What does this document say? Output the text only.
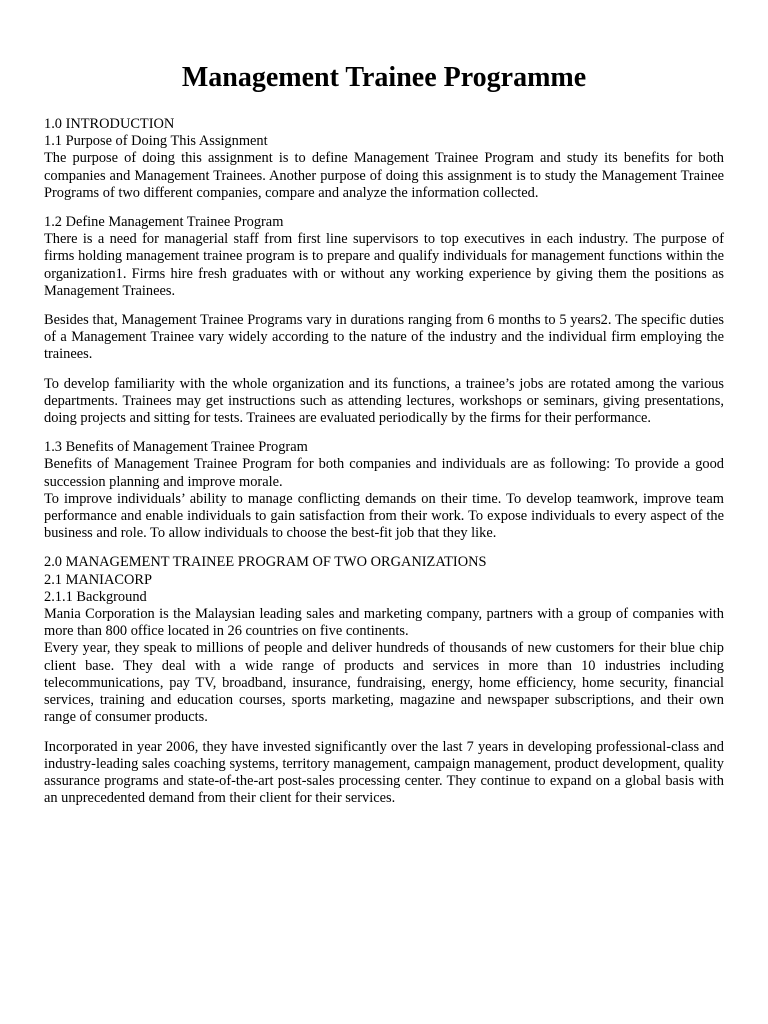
Management Trainee Programme

1.0 INTRODUCTION

1.1 Purpose of Doing This Assignment

The purpose of doing this assignment is to define Management Trainee Program and study its benefits for both companies and Management Trainees. Another purpose of doing this assignment is to study the Management Trainee Programs of two different companies, compare and analyze the information collected.

1.2 Define Management Trainee Program

There is a need for managerial staff from first line supervisors to top executives in each industry. The purpose of firms holding management trainee program is to prepare and qualify individuals for management functions within the organization1. Firms hire fresh graduates with or without any working experience by giving them the positions as Management Trainees.

Besides that, Management Trainee Programs vary in durations ranging from 6 months to 5 years2. The specific duties of a Management Trainee vary widely according to the nature of the industry and the individual firm employing the trainees.

To develop familiarity with the whole organization and its functions, a trainee’s jobs are rotated among the various departments. Trainees may get instructions such as attending lectures, workshops or seminars, giving presentations, doing projects and sitting for tests. Trainees are evaluated periodically by the firms for their performance.

1.3 Benefits of Management Trainee Program

Benefits of Management Trainee Program for both companies and individuals are as following: To provide a good succession planning and improve morale.

To improve individuals’ ability to manage conflicting demands on their time. To develop teamwork, improve team performance and enable individuals to gain satisfaction from their work. To expose individuals to every aspect of the business and role. To allow individuals to choose the best-fit job that they like.

2.0 MANAGEMENT TRAINEE PROGRAM OF TWO ORGANIZATIONS

2.1 MANIACORP

2.1.1 Background

Mania Corporation is the Malaysian leading sales and marketing company, partners with a group of companies with more than 800 office located in 26 countries on five continents.

Every year, they speak to millions of people and deliver hundreds of thousands of new customers for their blue chip client base. They deal with a wide range of products and services in more than 10 industries including telecommunications, pay TV, broadband, insurance, fundraising, energy, home efficiency, home security, financial services, training and education courses, sports marketing, magazine and newspaper subscriptions, and their own range of consumer products.

Incorporated in year 2006, they have invested significantly over the last 7 years in developing professional-class and industry-leading sales coaching systems, territory management, campaign management, product development, quality assurance programs and state-of-the-art post-sales processing center. They continue to expand on a global basis with an unprecedented demand from their client for their services.
